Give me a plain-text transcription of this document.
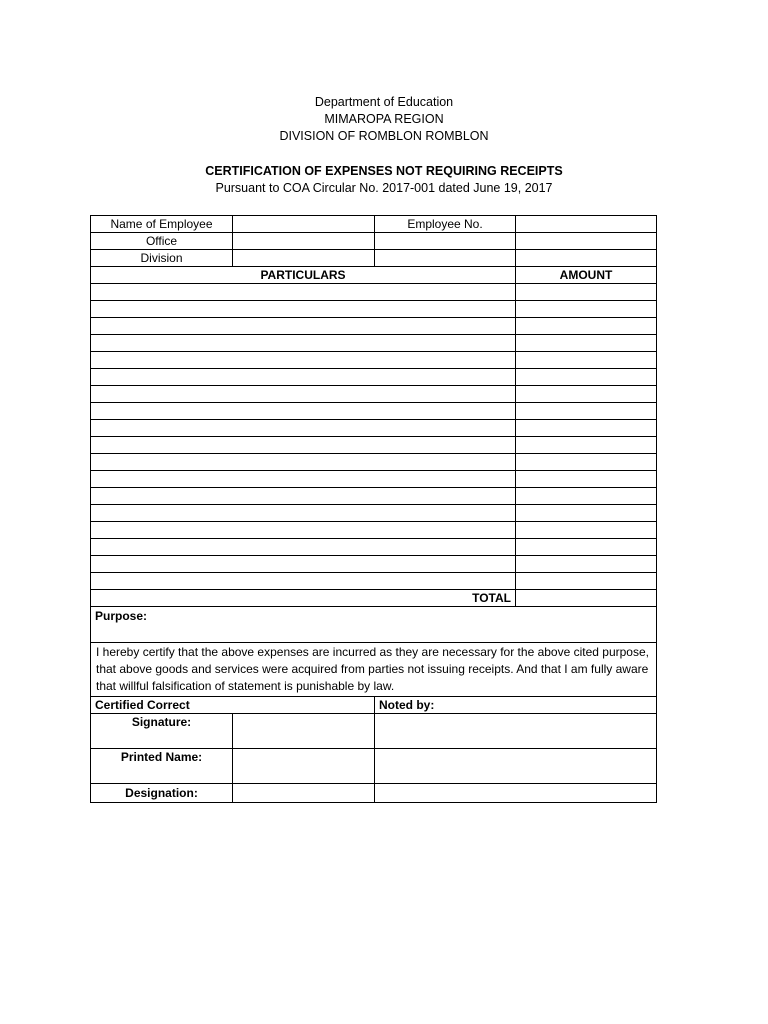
Department of Education
MIMAROPA REGION
DIVISION OF ROMBLON ROMBLON
CERTIFICATION OF EXPENSES NOT REQUIRING RECEIPTS
Pursuant to COA Circular No. 2017-001 dated June 19, 2017
Name of Employee		Employee No.	
Office			
Division			
PARTICULARS			AMOUNT

TOTAL			
Purpose:			
I hereby certify that the above expenses are incurred as they are necessary for the above cited purpose, that above goods and services were acquired from parties not issuing receipts. And that I am fully aware that willful falsification of statement is punishable by law.			
Certified Correct		Noted by:	
Signature:			
Printed Name:			
Designation:			
